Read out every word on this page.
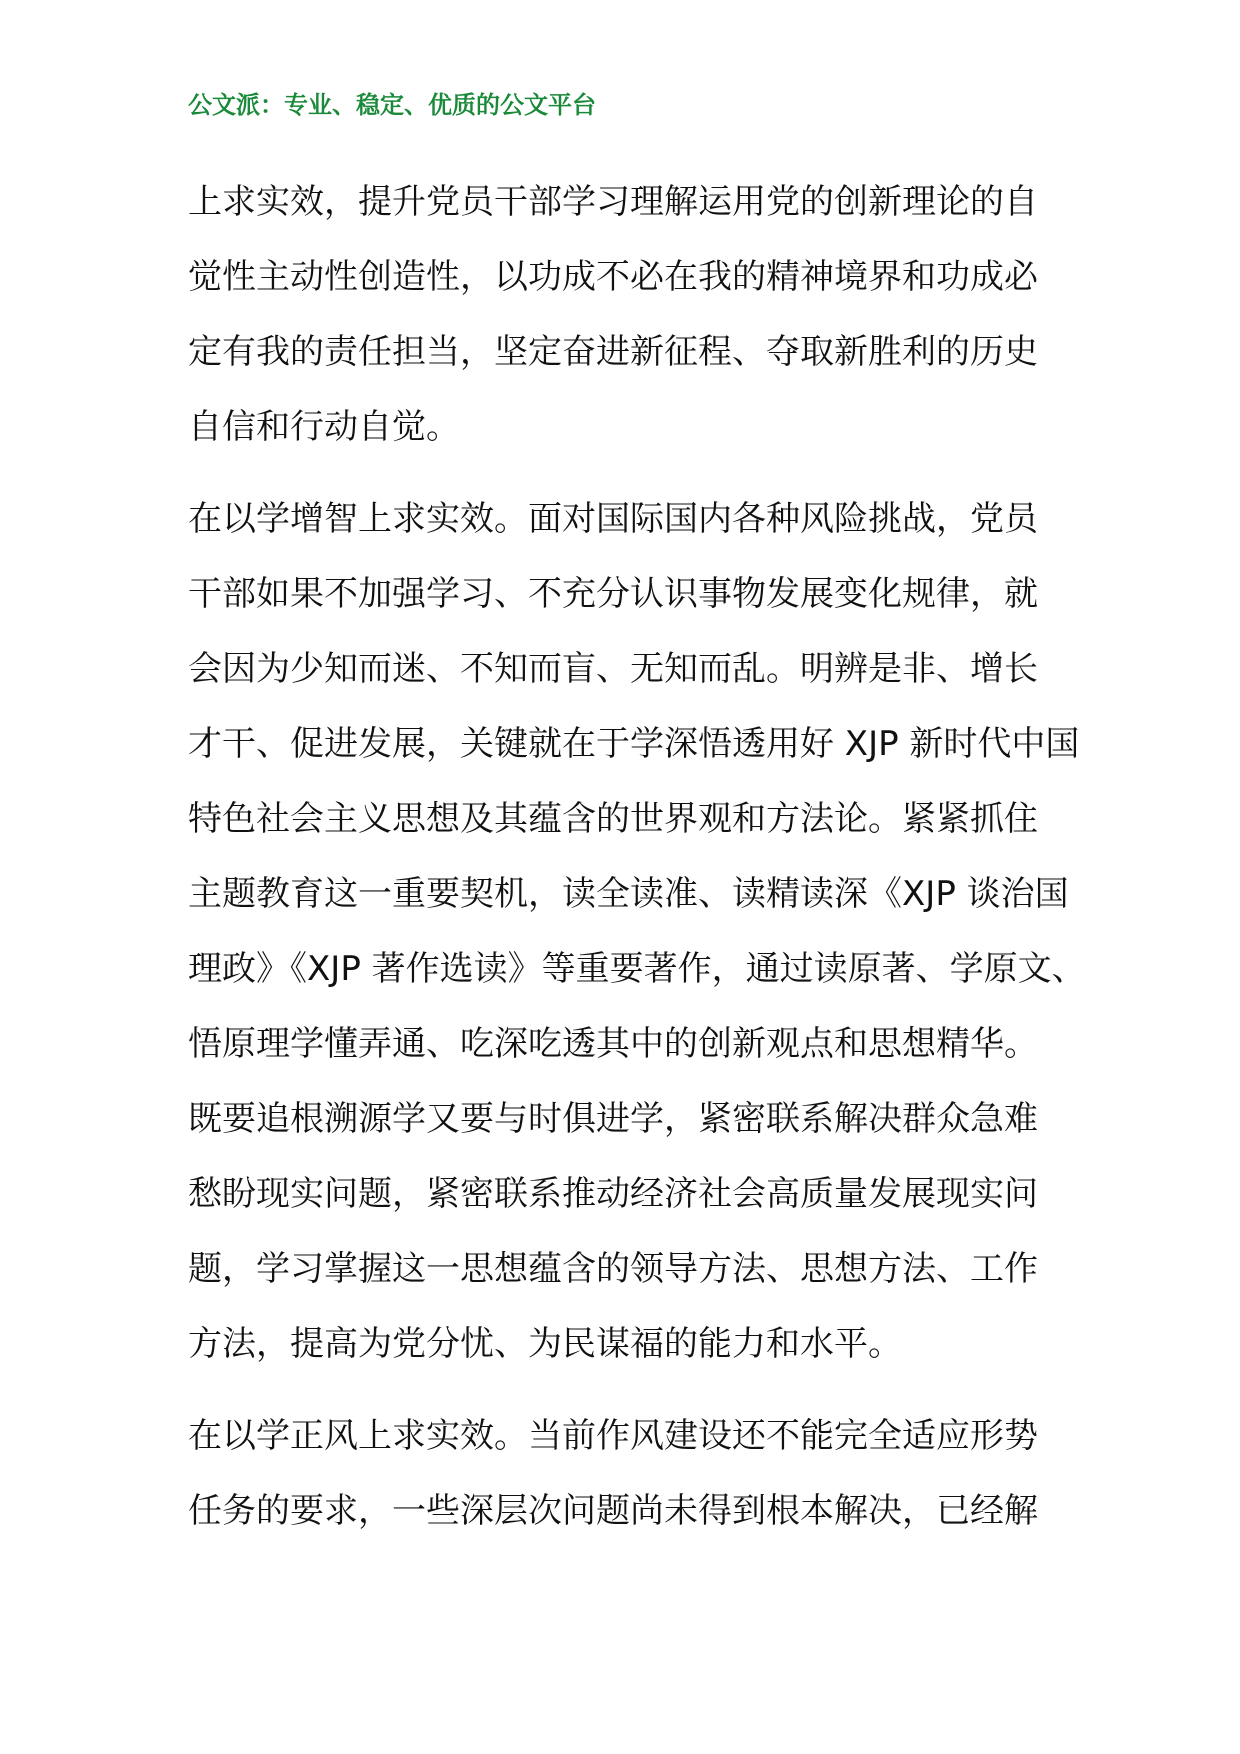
公文派：专业、稳定、优质的公文平台
上求实效，提升党员干部学习理解运用党的创新理论的自
觉性主动性创造性，以功成不必在我的精神境界和功成必
定有我的责任担当，坚定奋进新征程、夺取新胜利的历史
自信和行动自觉。
在以学增智上求实效。面对国际国内各种风险挑战，党员
干部如果不加强学习、不充分认识事物发展变化规律，就
会因为少知而迷、不知而盲、无知而乱。明辨是非、增长
才干、促进发展，关键就在于学深悟透用好 XJP 新时代中国
特色社会主义思想及其蕴含的世界观和方法论。紧紧抓住
主题教育这一重要契机，读全读准、读精读深《XJP 谈治国
理政》《XJP 著作选读》等重要著作，通过读原著、学原文、
悟原理学懂弄通、吃深吃透其中的创新观点和思想精华。
既要追根溯源学又要与时俱进学，紧密联系解决群众急难
愁盼现实问题，紧密联系推动经济社会高质量发展现实问
题，学习掌握这一思想蕴含的领导方法、思想方法、工作
方法，提高为党分忧、为民谋福的能力和水平。
在以学正风上求实效。当前作风建设还不能完全适应形势
任务的要求，一些深层次问题尚未得到根本解决，已经解
